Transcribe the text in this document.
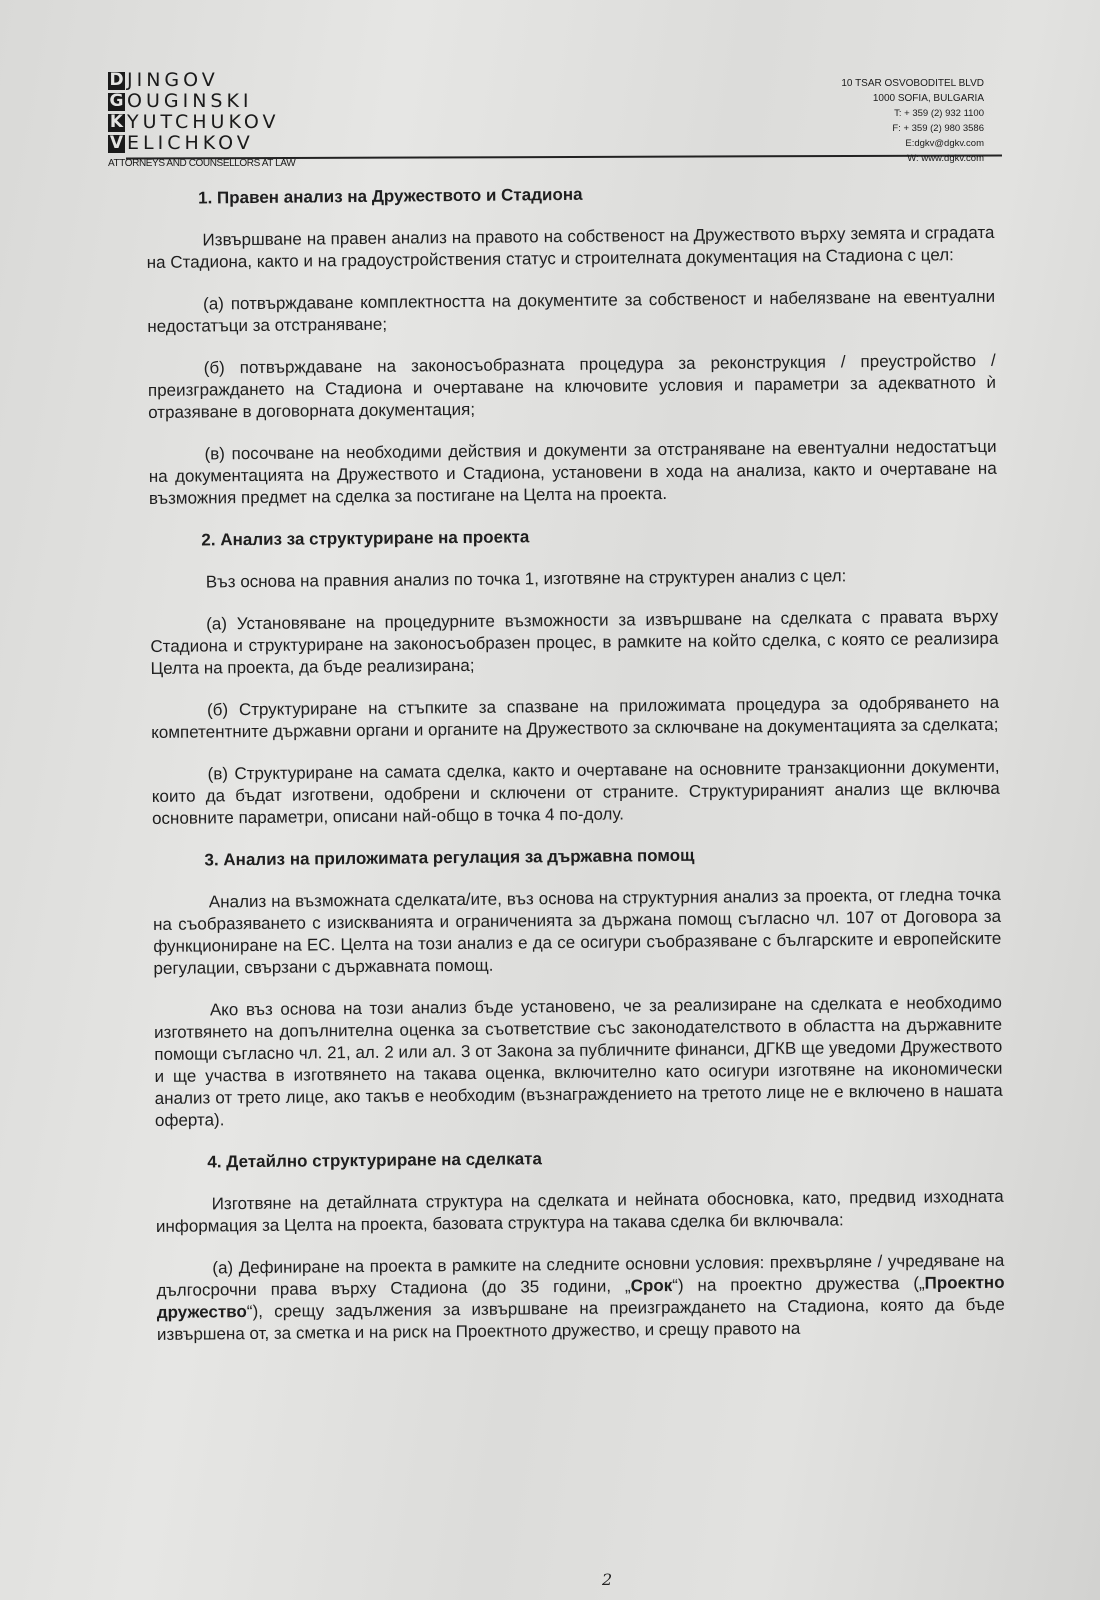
D JINGOV
G OUGINSKI
K YUTCHUKOV
V ELICHKOV
ATTORNEYS AND COUNSELLORS AT LAW
10 TSAR OSVOBODITEL BLVD
1000 SOFIA, BULGARIA
T: + 359 (2) 932 1100
F: + 359 (2) 980 3586
E:dgkv@dgkv.com
W: www.dgkv.com
1. Правен анализ на Дружеството и Стадиона

Извършване на правен анализ на правото на собственост на Дружеството върху земята и сградата на Стадиона, както и на градоустройствения статус и строителната документация на Стадиона с цел:

(а) потвърждаване комплектността на документите за собственост и набелязване на евентуални недостатъци за отстраняване;

(б) потвърждаване на законосъобразната процедура за реконструкция / преустройство / преизграждането на Стадиона и очертаване на ключовите условия и параметри за адекватното ѝ отразяване в договорната документация;

(в) посочване на необходими действия и документи за отстраняване на евентуални недостатъци на документацията на Дружеството и Стадиона, установени в хода на анализа, както и очертаване на възможния предмет на сделка за постигане на Целта на проекта.

2. Анализ за структуриране на проекта

Въз основа на правния анализ по точка 1, изготвяне на структурен анализ с цел:

(а) Установяване на процедурните възможности за извършване на сделката с правата върху Стадиона и структуриране на законосъобразен процес, в рамките на който сделка, с която се реализира Целта на проекта, да бъде реализирана;

(б) Структуриране на стъпките за спазване на приложимата процедура за одобряването на компетентните държавни органи и органите на Дружеството за сключване на документацията за сделката;

(в) Структуриране на самата сделка, както и очертаване на основните транзакционни документи, които да бъдат изготвени, одобрени и сключени от страните. Структурираният анализ ще включва основните параметри, описани най-общо в точка 4 по-долу.

3. Анализ на приложимата регулация за държавна помощ

Анализ на възможната сделката/ите, въз основа на структурния анализ за проекта, от гледна точка на съобразяването с изискванията и ограниченията за държана помощ съгласно чл. 107 от Договора за функциониране на ЕС. Целта на този анализ е да се осигури съобразяване с българските и европейските регулации, свързани с държавната помощ.

Ако въз основа на този анализ бъде установено, че за реализиране на сделката е необходимо изготвянето на допълнителна оценка за съответствие със законодателството в областта на държавните помощи съгласно чл. 21, ал. 2 или ал. 3 от Закона за публичните финанси, ДГКВ ще уведоми Дружеството и ще участва в изготвянето на такава оценка, включително като осигури изготвяне на икономически анализ от трето лице, ако такъв е необходим (възнаграждението на третото лице не е включено в нашата оферта).

4. Детайлно структуриране на сделката

Изготвяне на детайлната структура на сделката и нейната обосновка, като, предвид изходната информация за Целта на проекта, базовата структура на такава сделка би включвала:

(а) Дефиниране на проекта в рамките на следните основни условия: прехвърляне / учредяване на дългосрочни права върху Стадиона (до 35 години, „Срок“) на проектно дружества („Проектно дружество“), срещу задължения за извършване на преизграждането на Стадиона, която да бъде извършена от, за сметка и на риск на Проектното дружество, и срещу правото на

2
